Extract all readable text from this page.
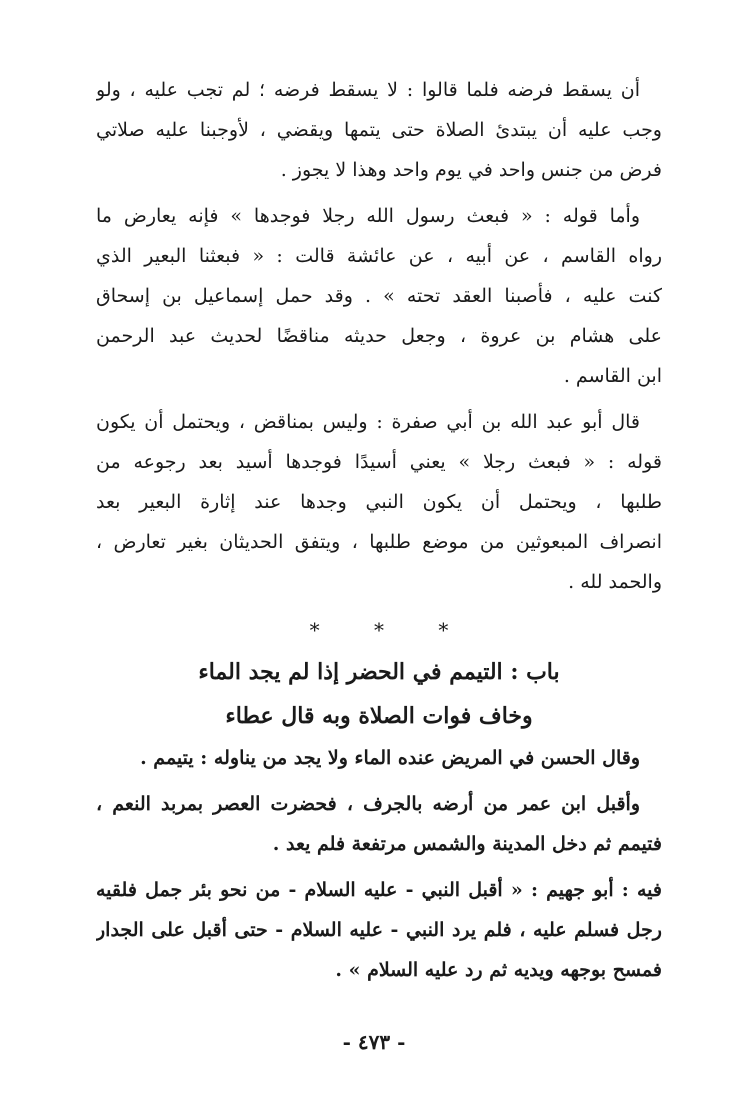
أن يسقط فرضه فلما قالوا : لا يسقط فرضه ؛ لم تجب عليه ، ولو
وجب عليه أن يبتدئ الصلاة حتى يتمها ويقضي ، لأوجبنا عليه صلاتي
فرض من جنس واحد في يوم واحد وهذا لا يجوز .
وأما قوله : « فبعث رسول الله رجلا فوجدها » فإنه يعارض ما
رواه القاسم ، عن أبيه ، عن عائشة قالت : « فبعثنا البعير الذي
كنت عليه ، فأصبنا العقد تحته » . وقد حمل إسماعيل بن إسحاق
على هشام بن عروة ، وجعل حديثه مناقضًا لحديث عبد الرحمن
ابن القاسم .
قال أبو عبد الله بن أبي صفرة : وليس بمناقض ، ويحتمل أن يكون
قوله : « فبعث رجلا » يعني أسيدًا فوجدها أسيد بعد رجوعه من
طلبها ، ويحتمل أن يكون النبي وجدها عند إثارة البعير بعد
انصراف المبعوثين من موضع طلبها ، ويتفق الحديثان بغير تعارض ،
والحمد لله .
* * *

باب : التيمم في الحضر إذا لم يجد الماء

وخاف فوات الصلاة وبه قال عطاء

وقال الحسن في المريض عنده الماء ولا يجد من يناوله : يتيمم .
وأقبل ابن عمر من أرضه بالجرف ، فحضرت العصر بمربد النعم ،
فتيمم ثم دخل المدينة والشمس مرتفعة فلم يعد .
فيه : أبو جهيم : « أقبل النبي - عليه السلام - من نحو بئر جمل فلقيه
رجل فسلم عليه ، فلم يرد النبي - عليه السلام - حتى أقبل على الجدار
فمسح بوجهه ويديه ثم رد عليه السلام » .
- ٤٧٣ -
